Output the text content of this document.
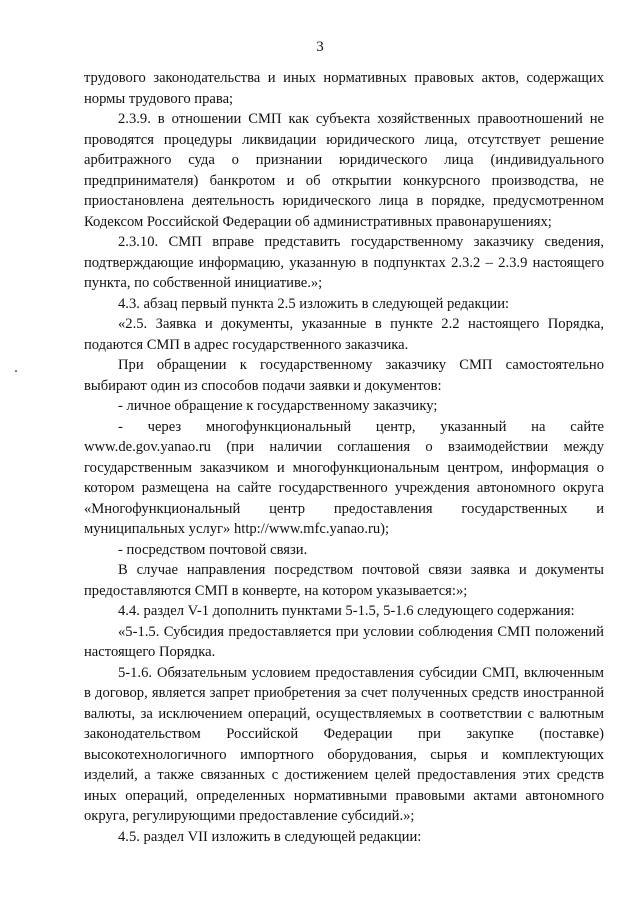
3

трудового законодательства и иных нормативных правовых актов, содержащих нормы трудового права;

2.3.9. в отношении СМП как субъекта хозяйственных правоотношений не проводятся процедуры ликвидации юридического лица, отсутствует решение арбитражного суда о признании юридического лица (индивидуального предпринимателя) банкротом и об открытии конкурсного производства, не приостановлена деятельность юридического лица в порядке, предусмотренном Кодексом Российской Федерации об административных правонарушениях;

2.3.10. СМП вправе представить государственному заказчику сведения, подтверждающие информацию, указанную в подпунктах 2.3.2 – 2.3.9 настоящего пункта, по собственной инициативе.»;

4.3. абзац первый пункта 2.5 изложить в следующей редакции:

«2.5. Заявка и документы, указанные в пункте 2.2 настоящего Порядка, подаются СМП в адрес государственного заказчика.

При обращении к государственному заказчику СМП самостоятельно выбирают один из способов подачи заявки и документов:

- личное обращение к государственному заказчику;

- через многофункциональный центр, указанный на сайте www.de.gov.yanao.ru (при наличии соглашения о взаимодействии между государственным заказчиком и многофункциональным центром, информация о котором размещена на сайте государственного учреждения автономного округа «Многофункциональный центр предоставления государственных и муниципальных услуг» http://www.mfc.yanao.ru);

- посредством почтовой связи.

В случае направления посредством почтовой связи заявка и документы предоставляются СМП в конверте, на котором указывается:»;

4.4. раздел V-1 дополнить пунктами 5-1.5, 5-1.6 следующего содержания:

«5-1.5. Субсидия предоставляется при условии соблюдения СМП положений настоящего Порядка.

5-1.6. Обязательным условием предоставления субсидии СМП, включенным в договор, является запрет приобретения за счет полученных средств иностранной валюты, за исключением операций, осуществляемых в соответствии с валютным законодательством Российской Федерации при закупке (поставке) высокотехнологичного импортного оборудования, сырья и комплектующих изделий, а также связанных с достижением целей предоставления этих средств иных операций, определенных нормативными правовыми актами автономного округа, регулирующими предоставление субсидий.»;

4.5. раздел VII изложить в следующей редакции:
